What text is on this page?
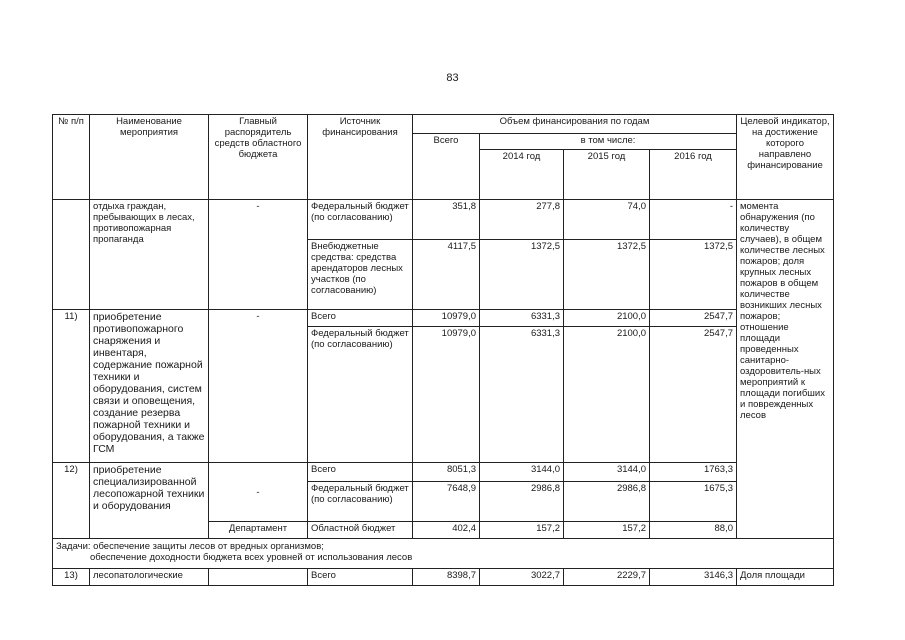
83
№ п/п	Наименование мероприятия	Главный распорядитель средств областного бюджета	Источник финансирования	Объем финансирования по годам				Целевой индикатор, на достижение которого направлено финансирование	
				Всего	в том числе:				
					2014 год	2015 год	2016 год		
	отдыха граждан, пребывающих в лесах, противопожарная пропаганда	-	Федеральный бюджет (по согласованию)	351,8	277,8	74,0	-	момента обнаружения (по количеству случаев), в общем количестве лесных пожаров; доля крупных лесных пожаров в общем количестве возникших лесных пожаров; отношение площади проведенных санитарно-оздоровитель-ных мероприятий к площади погибших и поврежденных лесов	
			Внебюджетные средства: средства арендаторов лесных участков (по согласованию)	4117,5	1372,5	1372,5	1372,5		
11)	приобретение противопожарного снаряжения и инвентаря, содержание пожарной техники и оборудования, систем связи и оповещения, создание резерва пожарной техники и оборудования, а также ГСМ	-	Всего	10979,0	6331,3	2100,0	2547,7		
			Федеральный бюджет (по согласованию)	10979,0	6331,3	2100,0	2547,7		
12)	приобретение специализированной лесопожарной техники и оборудования	-	Всего	8051,3	3144,0	3144,0	1763,3		
			Федеральный бюджет (по согласованию)	7648,9	2986,8	2986,8	1675,3		
		Департамент	Областной бюджет	402,4	157,2	157,2	88,0		

Задачи: обеспечение защиты лесов от вредных организмов;
обеспечение доходности бюджета всех уровней от использования лесов									

13)	лесопатологические		Всего	8398,7	3022,7	2229,7	3146,3	Доля площади	
